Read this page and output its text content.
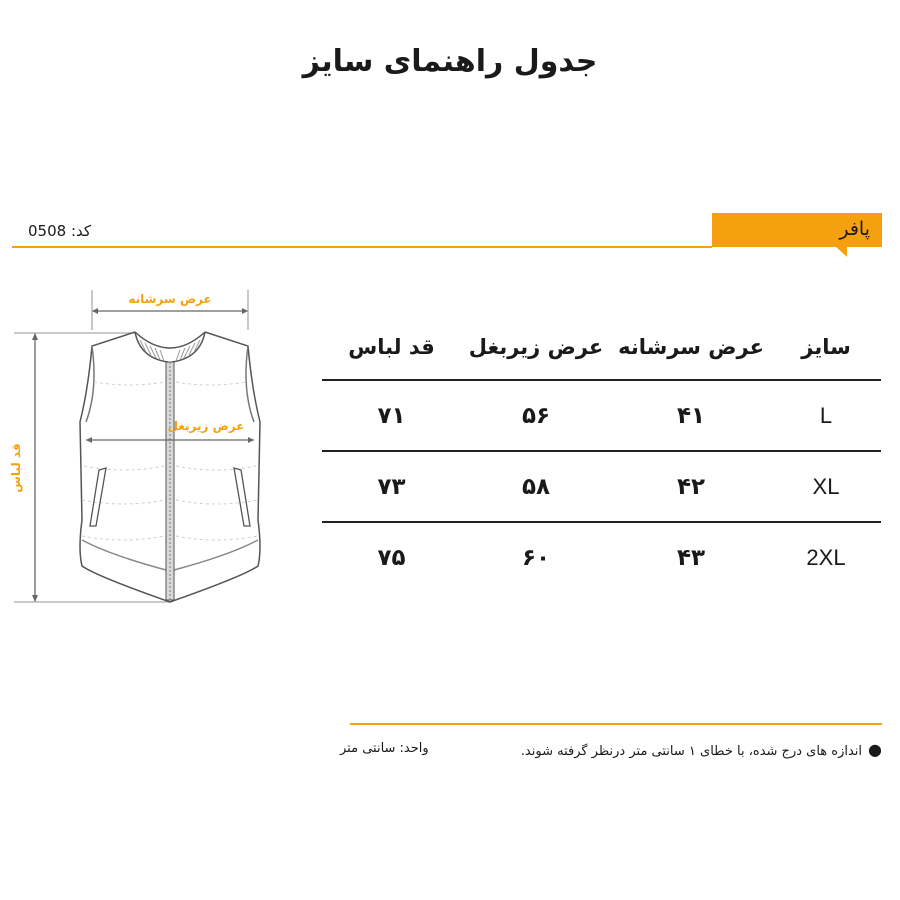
جدول راهنمای سایز
پافر
کد: 0508
عرض سرشانه
قد لباس
عرض زیربغل
سایز
عرض سرشانه
عرض زیربغل
قد لباس
L
۴۱
۵۶
۷۱
XL
۴۲
۵۸
۷۳
2XL
۴۳
۶۰
۷۵
●اندازه های درج شده، با خطای ۱ سانتی متر درنظر گرفته شوند.
واحد: سانتی متر
